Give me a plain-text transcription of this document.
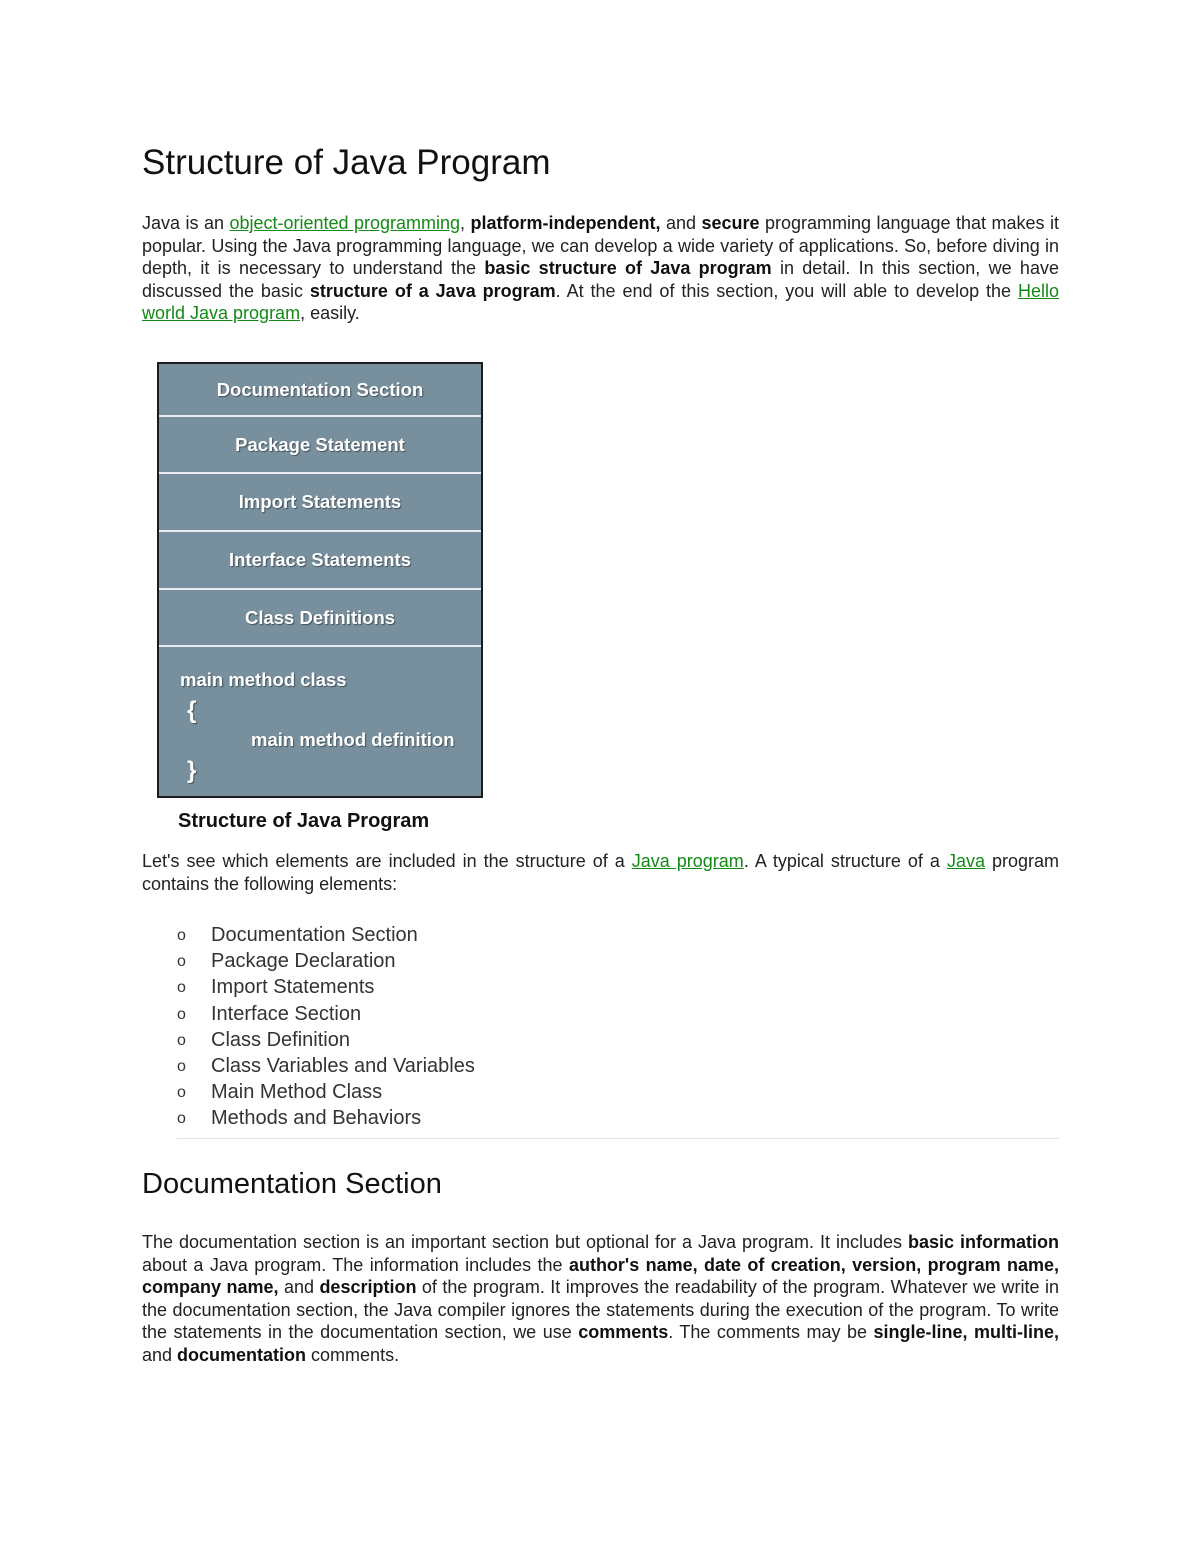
Structure of Java Program

Java is an object-oriented programming, platform-independent, and secure programming language that makes it popular. Using the Java programming language, we can develop a wide variety of applications. So, before diving in depth, it is necessary to understand the basic structure of Java program in detail. In this section, we have discussed the basic structure of a Java program. At the end of this section, you will able to develop the Hello world Java program, easily.

Documentation Section
Package Statement
Import Statements
Interface Statements
Class Definitions
main method class
{
main method definition
}
Structure of Java Program

Let's see which elements are included in the structure of a Java program. A typical structure of a Java program contains the following elements:

o Documentation Section
o Package Declaration
o Import Statements
o Interface Section
o Class Definition
o Class Variables and Variables
o Main Method Class
o Methods and Behaviors
Documentation Section

The documentation section is an important section but optional for a Java program. It includes basic information about a Java program. The information includes the author's name, date of creation, version, program name, company name, and description of the program. It improves the readability of the program. Whatever we write in the documentation section, the Java compiler ignores the statements during the execution of the program. To write the statements in the documentation section, we use comments. The comments may be single-line, multi-line, and documentation comments.
